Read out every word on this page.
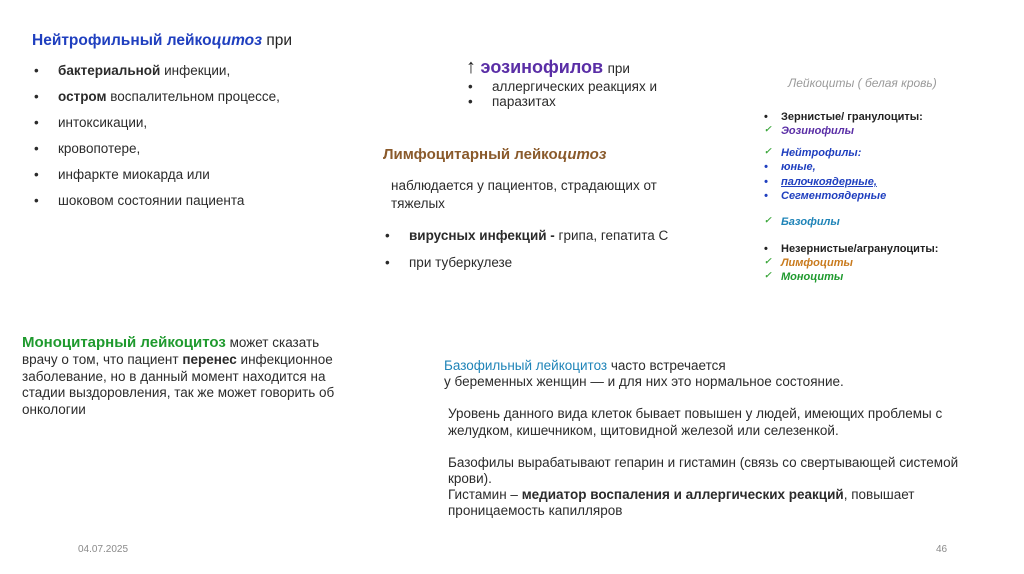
Нейтрофильный лейкоцитоз при
• бактериальной инфекции,
• остром воспалительном процессе,
• интоксикации,
• кровопотере,
• инфаркте миокарда или
• шоковом состоянии пациента
↑ эозинофилов при
• аллергических реакциях и
• паразитах
Лимфоцитарный лейкоцитоз
наблюдается у пациентов, страдающих от тяжелых
• вирусных инфекций - грипа, гепатита С
• при туберкулезе
Лейкоциты ( белая кровь)
• Зернистые/ гранулоциты:
✓ Эозинофилы
✓ Нейтрофилы:
• юные,
• палочкоядерные,
• Сегментоядерные
✓ Базофилы
• Незернистые/агранулоциты:
✓ Лимфоциты
✓ Моноциты
Моноцитарный лейкоцитоз может сказать врачу о том, что пациент перенес инфекционное заболевание, но в данный момент находится на стадии выздоровления, так же может говорить об онкологии
Базофильный лейкоцитоз часто встречается
у беременных женщин — и для них это нормальное состояние.
Уровень данного вида клеток бывает повышен у людей, имеющих проблемы с желудком, кишечником, щитовидной железой или селезенкой.
Базофилы вырабатывают гепарин и гистамин (связь со свертывающей системой крови).
Гистамин – медиатор воспаления и аллергических реакций, повышает проницаемость капилляров
04.07.2025	46
